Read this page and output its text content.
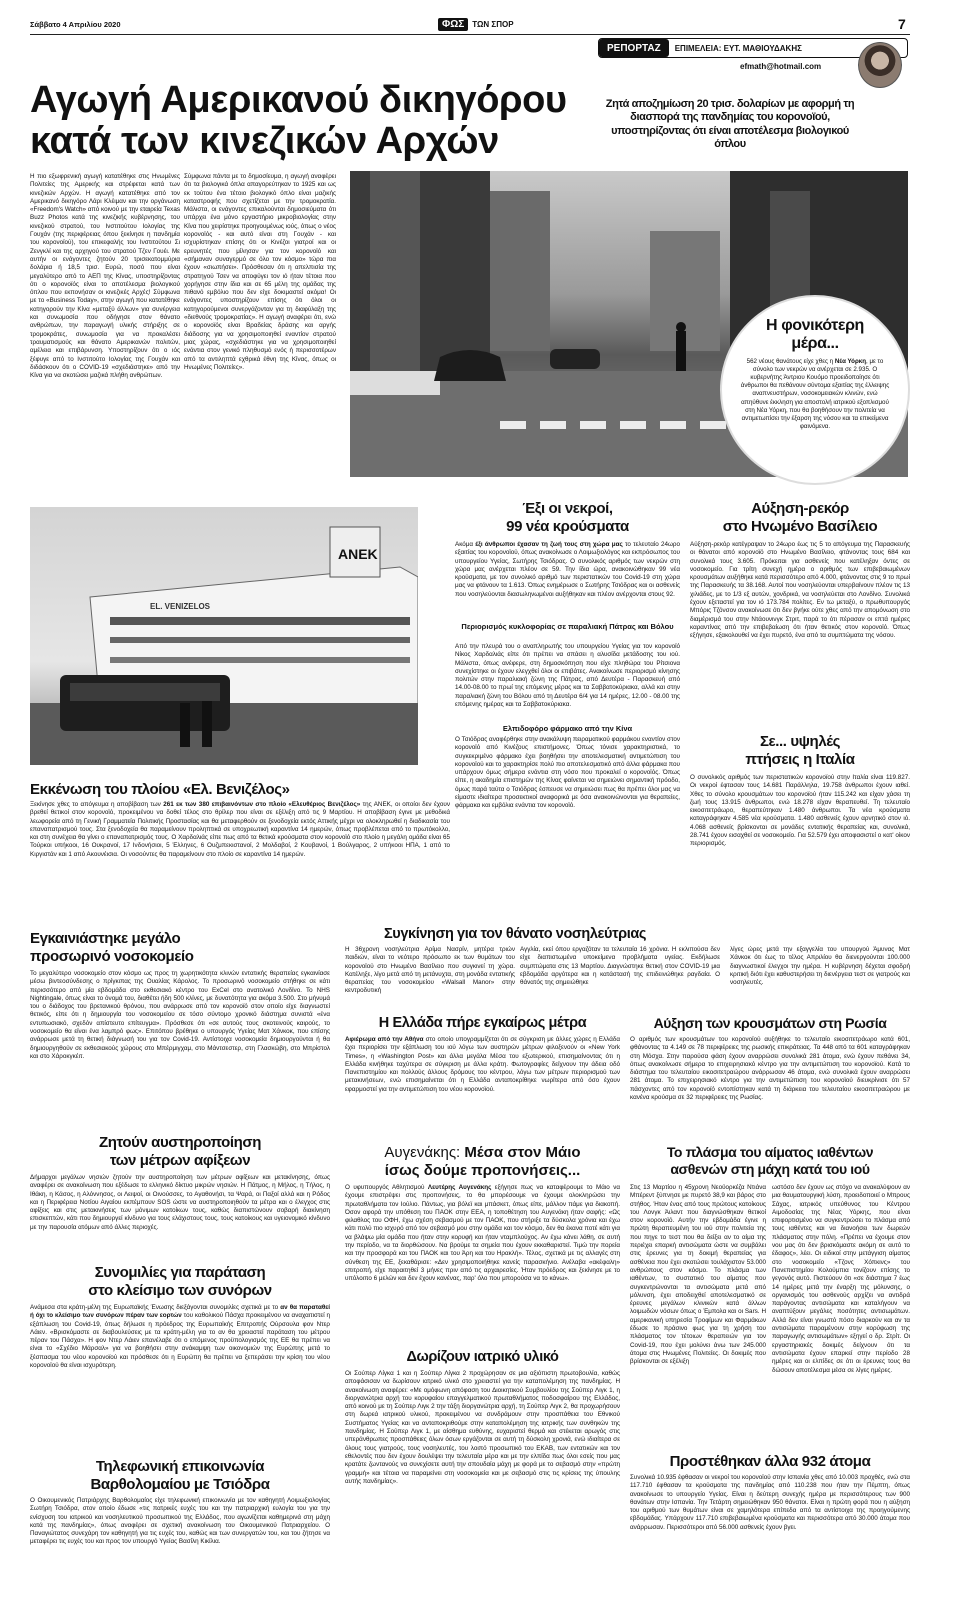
Σάββατο 4 Απριλίου 2020	ΦΩΣ	ΤΩΝ ΣΠΟΡ	7
ΡΕΠΟΡΤΑΖ	ΕΠΙΜΕΛΕΙΑ: ΕΥΤ. ΜΑΘΙΟΥΔΑΚΗΣ
efmath@hotmail.com
Αγωγή Αμερικανού δικηγόρου
κατά των κινεζικών Αρχών
Ζητά αποζημίωση 20 τρισ. δολαρίων με αφορμή τη διασπορά της πανδημίας του κορονοϊού, υποστηρίζοντας ότι είναι αποτέλεσμα βιολογικού όπλου
Η πιο εξωφρενική αγωγή κατατέθηκε στις Ηνωμένες Πολιτείες της Αμερικής και στρέφεται κατά των κινεζικών Αρχών. Η αγωγή κατατέθηκε από τον Αμερικανό δικηγόρο Λάρι Κλέιμαν και την οργάνωση «Freedom's Watch» από κοινού με την εταιρεία Texas Buzz Photos κατά της κινεζικής κυβέρνησης, του κινεζικού στρατού, του Ινστιτούτου Ιολογίας της Γουχάν (της περιφέρειας όπου ξεκίνησε η πανδημία του κορονοϊού), του επικεφαλής του Ινστιτούτου Σι Ζενγκλί και της αρχηγού του στρατού Τζεν Γουέι. Με αυτήν οι ενάγοντες ζητούν 20 τρισεκατομμύρια δολάρια ή 18,5 τρισ. Ευρώ, ποσό που είναι μεγαλύτερο από το ΑΕΠ της Κίνας, υποστηρίζοντας ότι ο κορονοϊός είναι το αποτέλεσμα βιολογικού όπλου που εκπονήσαν οι κινεζικές Αρχές! Σύμφωνα με το «Business Today», στην αγωγή που κατατέθηκε κατηγορούν την Κίνα «μεταξύ άλλων» για συνέργεια και συνωμοσία που οδήγησε στον θάνατο ανθρώπων, την παραγωγή υλικής στήριξης σε τρομοκράτες, συνωμοσία για να προκαλέσει τραυματισμούς και θάνατο Αμερικανών πολιτών, αμέλεια και επιβάρυνση. Υποστηρίζουν ότι ο ιός ξέφυγε από το Ινστιτούτο Ιολογίας της Γουχάν και διδάσκουν ότι ο COVID-19 «σχεδιάστηκε» από την Κίνα για να σκοτώσει μαζικά πλήθη ανθρώπων.
Σύμφωνα πάντα με το δημοσίευμα, η αγωγή αναφέρει ότι τα βιολογικά όπλα απαγορεύτηκαν το 1925 και ως εκ τούτου ένα τέτοιο βιολογικό όπλο είναι μαζικής καταστροφής που σχετίζεται με την τρομοκρατία. Μάλιστα, οι ενάγοντες επικαλούνται δημοσιεύματα ότι υπάρχει ένα μόνο εργαστήριο μικροβιολογίας στην Κίνα που χειρίστηκε προηγουμένως ιούς, όπως ο νέος κορονοϊός - και αυτό είναι στη Γουχάν - και ισχυρίστηκαν επίσης ότι οι Κινέζοι γιατροί και οι ερευνητές που μίλησαν για τον κορονοϊό και «σήμαναν συναγερμό σε όλο τον κόσμο» τώρα πια έχουν «σιωπήσει». Πρόσθεσαν ότι η απελπισία της στρατηγού Τσεν να αποφύγει τον ιό ήταν τέτοια που χορήγησε στην ίδια και σε 65 μέλη της ομάδας της πιθανό εμβόλιο που δεν είχε δοκιμαστεί ακόμα! Οι ενάγοντες υποστηρίζουν επίσης ότι όλοι οι κατηγορούμενοι συνεργάζονταν για τη διαφύλαξη της «διεθνούς τρομοκρατίας». Η αγωγή αναφέρει ότι, ενώ ο κορονοϊός είναι Βραδείας δράσης και αργής διάδοσης για να χρησιμοποιηθεί εναντίον στρατού μιας χώρας, «σχεδιάστηκε για να χρησιμοποιηθεί ενάντια στον γενικό πληθυσμό ενός ή περισσοτέρων από τα αντιληπτά εχθρικά έθνη της Κίνας, όπως οι Ηνωμένες Πολιτείες».
Η φονικότερη
μέρα...
562 νέους θανάτους είχε χθες η Νέα Υόρκη, με το σύνολο των νεκρών να ανέρχεται σε 2.935. Ο κυβερνήτης Άντριου Κουόμο προειδοποίησε ότι άνθρωποι θα πεθάνουν σύντομα εξαιτίας της έλλειψης αναπνευστήρων, νοσοκομειακών κλινών, ενώ απηύθυνε έκκληση για αποστολή ιατρικού εξοπλισμού στη Νέα Υόρκη, που θα βοηθήσουν την πολιτεία να αντιμετωπίσει την έξαρση της νόσου και τα επικείμενα φαινόμενα.
ANEK
EL. VENIZELOS
Εκκένωση του πλοίου «Ελ. Βενιζέλος»
Ξεκίνησε χθες το απόγευμα η αποβίβαση των 261 εκ των 380 επιβαινόντων στο πλοίο «Ελευθέριος Βενιζέλος» της ΑΝΕΚ, οι οποίοι δεν έχουν βρεθεί θετικοί στον κορονοϊό, προκειμένου να δοθεί τέλος στο θρίλερ που είναι σε εξέλιξη από τις 9 Μαρτίου. Η αποβίβαση έγινε με μεθοδικά λεωφορεία από τη Γενική Γραμματεία Πολιτικής Προστασίας και θα μεταφερθούν σε ξενοδοχεία εκτός Αττικής μέχρι να ολοκληρωθεί η διαδικασία του επαναπατρισμού τους. Στα ξενοδοχεία θα παραμείνουν προληπτικά σε υποχρεωτική καραντίνα 14 ημερών, όπως προβλέπεται από το πρωτόκολλο, και στη συνέχεια θα γίνει ο επαναπατρισμός τους. Ο Χαρδαλιάς είπε πως από τα θετικά κρούσματα στον κορονοϊό στο πλοίο η μεγάλη ομάδα είναι 65 Τούρκοι υπήκοοι, 16 Ουκρανοί, 17 Ινδονήσιοι, 5 Έλληνες, 6 Ουζμπεκιστανοί, 2 Μολδαβοί, 2 Κουβανοί, 1 Βούλγαρος, 2 υπήκοοι ΗΠΑ, 1 από το Κιργιστάν και 1 από Ακουνέισια. Οι νοσούντες θα παραμείνουν στο πλοίο σε καραντίνα 14 ημερών.
Έξι οι νεκροί,
99 νέα κρούσματα
Ακόμα έξι άνθρωποι έχασαν τη ζωή τους στη χώρα μας το τελευταίο 24ωρο εξαιτίας του κορονοϊού, όπως ανακοίνωσε ο Λοιμωξιολόγος και εκπρόσωπος του υπουργείου Υγείας, Σωτήρης Τσιόδρας. Ο συνολικός αριθμός των νεκρών στη χώρα μας ανέρχεται πλέον σε 59. Την ίδια ώρα, ανακοινώθηκαν 99 νέα κρούσματα, με τον συνολικό αριθμό των περιστατικών του Covid-19 στη χώρα μας να φτάνουν τα 1.613. Όπως ενημέρωσε ο Σωτήρης Τσιόδρας και οι ασθενείς που νοσηλεύονται διασωληνωμένοι αυξήθηκαν και πλέον ανέρχονται στους 92.
Περιορισμός κυκλοφορίας σε παραλιακή Πάτρας και Βόλου
Από την πλευρά του ο αναπληρωτής του υπουργείου Υγείας για τον κορονοϊό Νίκος Χαρδαλιάς είπε ότι πρέπει να σπάσει η αλυσίδα μετάδοσης του ιού. Μάλιστα, όπως ανέφερε, στη δημοσκόπηση που είχε πληθώρα του Ρίτσιονα συνεχίστηκε οι έχουν ελεγχθεί όλοι οι επιβάτες. Ανακοίνωσε περιορισμό κίνησης πολιτών στην παραλιακή ζώνη της Πάτρας, από Δευτέρα - Παρασκευή από 14.00-08.00 το πρωί της επόμενης μέρας και τα Σαββατοκύριακα, αλλά και στην παραλιακή ζώνη του Βόλου από τη Δευτέρα 6/4 για 14 ημέρες, 12.00 - 08.00 της επόμενης ημέρας και τα Σαββατοκύριακα.
Ελπιδοφόρο φάρμακο από την Κίνα
Ο Τσιόδρας αναφέρθηκε στην ανακάλυψη πειραματικού φαρμάκου εναντίον στον κορονοϊό από Κινέζους επιστήμονες. Όπως τόνισε χαρακτηριστικά, το συγκεκριμένο φάρμακο έχει βοηθήσει την αποτελεσματική αντιμετώπιση του κορονοϊού και το χαρακτηρίσε πολύ πιο αποτελεσματικό από άλλα φάρμακα που υπάρχουν όμως σήμερα ενάντια στη νόσο που προκαλεί ο κορονοϊός. Όπως είπε, η ακαδημία επιστημών της Κίνας φαίνεται να σημειώνει σημαντική πρόοδο, όμως παρά ταύτα ο Τσιόδρας έσπευσε να σημειώσει πως θα πρέπει όλοι μας να είμαστε ιδιαίτερα προσεκτικοί αναφορικά με όσα ανακοινώνονται για θεραπείες, φάρμακα και εμβόλια ενάντια τον κορονοϊό.
Αύξηση-ρεκόρ
στο Ηνωμένο Βασίλειο
Αύξηση-ρεκόρ κατέγραψαν το 24ωρο έως τις 5 το απόγευμα της Παρασκευής οι θάνατοι από κορονοϊό στο Ηνωμένο Βασίλειο, φτάνοντας τους 684 και συνολικά τους 3.605. Πρόκειται για ασθενείς που κατέληξαν όντες σε νοσοκομείο. Για τρίτη συνεχή ημέρα ο αριθμός των επιβεβαιωμένων κρουσμάτων αυξήθηκε κατά περισσότερο από 4.000, φτάνοντας στις 9 το πρωί της Παρασκευής τα 38.168. Αυτοί που νοσηλεύονται υπερβαίνουν πλέον τις 13 χιλιάδες, με το 1/3 εξ αυτών, χονδρικά, να νοσηλεύεται στο Λονδίνο. Συνολικά έχουν εξεταστεί για τον ιό 173.784 πολίτες. Εν τω μεταξύ, ο πρωθυπουργός Μπόρις Τζόνσον ανακοίνωσε ότι δεν βγήκε ούτε χθες από την απομόνωση στο διαμέρισμά του στην Ντάουνινγκ Στριτ, παρά το ότι πέρασαν οι επτά ημέρες καραντίνας από την επιβεβαίωση ότι ήταν θετικός στον κορονοϊό. Όπως εξήγησε, εξακολουθεί να έχει πυρετό, ένα από τα συμπτώματα της νόσου.
Σε... υψηλές
πτήσεις η Ιταλία
Ο συνολικός αριθμός των περιστατικών κορονοϊού στην Ιταλία είναι 119.827. Οι νεκροί έφτασαν τους 14.681 Παράλληλα, 19.758 άνθρωποι έχουν ιαθεί. Χθες το σύνολο κρουσμάτων του κορονοϊού ήταν 115.242 και είχαν χάσει τη ζωή τους 13.915 άνθρωποι, ενώ 18.278 είχαν θεραπευθεί. Τη τελευταίο εικοσιτετράωρο, θεραπεύτηκαν 1.480 άνθρωποι. Τα νέα κρούσματα καταγράφηκαν 4.585 νέα κρούσματα. 1.480 ασθενείς έχουν αρνητικό στον ιό. 4.068 ασθενείς βρίσκονται σε μονάδες εντατικής θεραπείας και, συνολικά, 28.741 έχουν εισαχθεί σε νοσοκομείο. Για 52.579 έχει αποφασιστεί ο κατ' οίκον περιορισμός.
Εγκαινιάστηκε μεγάλο
προσωρινό νοσοκομείο
Το μεγαλύτερο νοσοκομείο στον κόσμο ως προς τη χωρητικότητα κλινών εντατικής θεραπείας εγκαινίασε μέσω βιντεοσύνδεσης ο πρίγκιπας της Ουαλίας Κάρολος. Το προσωρινό νοσοκομείο στήθηκε σε κάτι περισσότερο από μία εβδομάδα στο εκθεσιακό κέντρο του ExCel στο ανατολικό Λονδίνο. Το NHS Nightingale, όπως είναι το όνομά του, διαθέτει ήδη 500 κλίνες, με δυνατότητα για ακόμα 3.500. Στο μήνυμά του ο διάδοχος του βρετανικού θρόνου, που ανάρρωσε από τον κορονοϊό στον οποίο είχε διαγνωστεί θετικός, είπε ότι η δημιουργία του νοσοκομείου σε τόσο σύντομο χρονικό διάστημα συνιστά «ένα εντυπωσιακό, σχεδόν απίστευτο επίτευγμα». Πρόσθεσε ότι «σε αυτούς τους σκοτεινούς καιρούς, το νοσοκομείο θα είναι ένα λαμπρό φως». Επιτόπου βρέθηκε ο υπουργός Υγείας Ματ Χάνκοκ, που επίσης ανάρρωσε μετά τη θετική διάγνωσή του για τον Covid-19. Αντίστοιχα νοσοκομεία δημιουργούνται ή θα δημιουργηθούν σε εκθεσιακούς χώρους στο Μπέρμιγχαμ, στο Μάντσεστερ, στη Γλασκώβη, στο Μπρίστολ και στο Χάροκγκέιτ.
Ζητούν αυστηροποίηση
των μέτρων αφίξεων
Δήμαρχοι μεγάλων νησιών ζητούν την αυστηροποίηση των μέτρων αφίξεων και μετακίνησης, όπως αναφέρει σε ανακοίνωση που εξέδωσε το ελληνικό δίκτυο μικρών νησιών. Η Πάτμος, η Μήλος, η Τήλος, η Ιθάκη, η Κάσος, η Αλόννησος, οι Λειψοί, οι Οινούσσες, το Αγαθονήσι, τα Ψαρά, οι Παξοί αλλά και η Ρόδος και η Περιφέρεια Νοτίου Αιγαίου εκπέμπουν SOS ώστε να αυστηροποιηθούν τα μέτρα και ο έλεγχος στις αφίξεις και στις μετακινήσεις των μόνιμων κατοίκων τους, καθώς διαπιστώνουν σοβαρή διακίνηση επισκεπτών, κάτι που δημιουργεί κίνδυνο για τους ελάχιστους τους, τους κατοίκους και υγειονομικό κίνδυνο με την παρουσία ατόμων από άλλες περιοχές.
Συνομιλίες για παράταση
στο κλείσιμο των συνόρων
Ανάμεσα στα κράτη-μέλη της Ευρωπαϊκής Ένωσης διεξάγονται συνομιλίες σχετικά με το αν θα παραταθεί ή όχι το κλείσιμο των συνόρων πέραν των εορτών του καθολικού Πάσχα προκειμένου να αναχαιτιστεί η εξάπλωση του Covid-19, όπως δήλωσε η πρόεδρος της Ευρωπαϊκής Επιτροπής Ούρσουλα φον Ντερ Λάιεν. «Βρισκόμαστε σε διαβουλεύσεις με τα κράτη-μέλη για το αν θα χρειαστεί παράταση του μέτρου πέραν του Πάσχα». Η φον Ντερ Λάιεν επανέλαβε ότι ο επόμενος προϋπολογισμός της ΕΕ θα πρέπει να είναι το «Σχέδιο Μάρσαλ» για να βοηθήσει στην ανάκαμψη των οικονομιών της Ευρώπης μετά το ξέσπασμα του νέου κορονοϊού και πρόσθεσε ότι η Ευρώπη θα πρέπει να ξεπεράσει την κρίση του νέου κορονοϊού θα είναι ισχυρότερη.
Τηλεφωνική επικοινωνία
Βαρθολομαίου με Τσιόδρα
Ο Οικουμενικός Πατριάρχης Βαρθολομαίος είχε τηλεφωνική επικοινωνία με τον καθηγητή Λοιμωξιολογίας Σωτήρη Τσιόδρα, στον οποίο έδωσε «τις πατρικές ευχές του και την πατριαρχική ευλογία του για την ενίσχυση του ιατρικού και νοσηλευτικού προσωπικού της Ελλάδος, που αγωνίζεται καθημερινά στη μάχη κατά της πανδημίας», όπως αναφέρει σε σχετική ανακοίνωση του Οικουμενικού Πατριαρχείου. Ο Παναγιώτατος συνεχάρη τον καθηγητή για τις ευχές του, καθώς και των συνεργατών του, και του ζήτησε να μεταφέρει τις ευχές του και προς τον υπουργό Υγείας Βασίλη Κικίλια.
Συγκίνηση για τον θάνατο νοσηλεύτριας
Η 36χρονη νοσηλεύτρια Αρίμα Νασρίν, μητέρα τριών παιδιών, είναι το νεότερο πρόσωπο εκ των θυμάτων του κορονοϊού στο Ηνωμένο Βασίλειο που συγκινεί τη χώρα. Κατέληξε, λίγο μετά από τη μετάνυχτα, στη μονάδα εντατικής θεραπείας του νοσοκομείου «Walsall Manor» στην κεντροδυτική
Αγγλία, εκεί όπου εργαζόταν τα τελευταία 16 χρόνια. Η εκλιπούσα δεν είχε διαπιστωμένα υποκείμενα προβλήματα υγείας. Εκδήλωσε συμπτώματα στις 13 Μαρτίου. Διαγνώστηκε θετική στον COVID-19 μια εβδομάδα αργότερα και η κατάστασή της επιδεινώθηκε ραγδαία. Ο θάνατός της σημειώθηκε
λίγες ώρες μετά την εξαγγελία του υπουργού Άμυνας Ματ Χάνκοκ ότι έως το τέλος Απριλίου θα διενεργούνται 100.000 διαγνωστικοί έλεγχοι την ημέρα. Η κυβέρνηση δέχεται σφοδρή κριτική διότι έχει καθυστερήσει τη διενέργεια τεστ σε γιατρούς και νοσηλευτές.
Η Ελλάδα πήρε εγκαίρως μέτρα
Αφιέρωμα από την Αθήνα στο οποίο υπογραμμίζεται ότι σε σύγκριση με άλλες χώρες η Ελλάδα έχει περιορίσει την εξάπλωση του ιού λόγω των αυστηρών μέτρων φιλοξενούν οι «New York Times», η «Washington Post» και άλλα μεγάλα Μέσα του εξωτερικού, επισημαίνοντας ότι η Ελλάδα κινήθηκε ταχύτερα σε σύγκριση με άλλα κράτη. Φωτογραφίες δείχνουν την άδεια οδό Πανεπιστημίου και πολλούς άλλους δρόμους του κέντρου, λόγω των μέτρων περιορισμού των μετακινήσεων, ενώ επισημαίνεται ότι η Ελλάδα ανταποκρίθηκε νωρίτερα από όσο έχουν εφαρμοστεί για την αντιμετώπιση του νέου κορονοϊού.
Αύξηση των κρουσμάτων στη Ρωσία
Ο αριθμός των κρουσμάτων του κορονοϊού αυξήθηκε το τελευταίο εικοσιτετράωρο κατά 601, φθάνοντας τα 4.149 σε 78 περιφέρειες της ρωσικής επικράτειας. Τα 448 από τα 601 καταγράφηκαν στη Μόσχα. Στην παρούσα φάση έχουν αναρρώσει συνολικά 281 άτομα, ενώ έχουν πεθάνει 34, όπως ανακοίνωσε σήμερα το επιχειρησιακό κέντρο για την αντιμετώπιση του κορονοϊού. Κατά το διάστημα του τελευταίου εικοσιτετραώρου ανάρρωσαν 46 άτομα, ενώ συνολικά έχουν αναρρώσει 281 άτομα. Το επιχειρησιακό κέντρο για την αντιμετώπιση του κορονοϊού διευκρίνισε ότι 57 πάσχοντες από τον κορονοϊό εντοπίστηκαν κατά τη διάρκεια του τελευταίου εικοσιτετραώρου με κανένα κρούσμα σε 32 περιφέρειες της Ρωσίας.
Αυγενάκης: Μέσα στον Μάιο
ίσως δούμε προπονήσεις...
Ο υφυπουργός Αθλητισμού Λευτέρης Αυγενάκης εξήγησε πως να καταφέρουμε το Μάιο να έχουμε επιστρέψει στις προπονήσεις, το θα μπορέσουμε να έχουμε ολοκληρώσει την πρωταθλήματα τον Ιούλιο. Πάντως, για βόλεϊ και μπάσκετ, όπως είπε, μάλλον πάμε για διακοπή. Όσον αφορά την υπόθεση του ΠΑΟΚ στην ΕΕΑ, η τοποθέτηση του Αυγενάκη ήταν σαφής: «Ως φιλαθλος του ΟΦΗ, έχω σχέση σεβασμού με τον ΠΑΟΚ, που στήριξε τα δύσκολα χρόνια και έχω κάτι πολύ πιο ισχυρό από τον σεβασμό μου στην ομάδα και τον κόσμο, δεν θα έκανα ποτέ κάτι για να βλάψω μία ομάδα που ήταν στην κορυφή και ήταν νταμπλούχος. Αν έχω κάνει λάθη, σε αυτή την περίοδο, να τα διορθώσουν. Να βρούμε τα σημεία που έχουν εκκαθαριστεί. Τιμώ την πορεία και την προσφορά και του ΠΑΟΚ και του Άρη και του Ηρακλή». Τέλος, σχετικά με τις αλλαγές στη σύνθεση της ΕΕ, ξεκαθάρισε: «Δεν χρησιμοποιήθηκε κανείς παρασκήνιο. Ανέλαβα «ακέφαλη» επιτροπή, είχε παραιτηθεί 3 μήνες πριν από τις αρχαιρεσίες. Ήταν πρόεδρος και ξεκίνησε με το υπόλοιπο 6 μελών και δεν έχουν κανένας, παρ' όλο που μπορούσα να το κάνω».
Δωρίζουν ιατρικό υλικό
Οι Σούπερ Λίγκα 1 και η Σούπερ Λίγκα 2 προχώρησαν σε μια αξιόπιστη πρωτοβουλία, καθώς αποφάσισαν να δωρίσουν ιατρικό υλικό στο χρειαστεί για την καταπολέμηση της πανδημίας. Η ανακοίνωση αναφέρει: «Με ομόφωνη απόφαση του Διοικητικού Συμβουλίου της Σούπερ Λιγκ 1, η διοργανώτρια αρχή του κορυφαίου επαγγελματικού πρωταθλήματος ποδοσφαίρου της Ελλάδος, από κοινού με τη Σούπερ Λιγκ 2 την τάξη διοργανώτρια αρχή, τη Σούπερ Λιγκ 2, θα προχωρήσουν στη δωρεά ιατρικού υλικού, προκειμένου να συνδράμουν στην προσπάθεια του Εθνικού Συστήματος Υγείας και να ανταποκριθούμε στην καταπολέμηση της ιατρικής των συνθηκών της πανδημίας. Η Σούπερ Λιγκ 1, με αίσθημα ευθύνης, ευχαριστεί θερμά και στέκεται αρωγός στις υπεράνθρωπες προσπάθειες όλων όσων εργάζονται σε αυτή τη δύσκολη χρονιά, ενώ ιδιαίτερα σε όλους τους γιατρούς, τους νοσηλευτές, του λοιπό προσωπικό του ΕΚΑΒ, των εντατικών και τον εθελοντές που δεν έχουν δουλέψει την τελευταία μέρα και με την ελπίδα πως όλοι εσείς που μας κρατάτε ζωντανούς να συνεχίσετε αυτή την σπουδαία μάχη με φορά με το σεβασμό στην «πρώτη γραμμή» και τέτοια να παραμείνει στη νοσοκομεία και με σεβασμό στις τις κρίσεις της ύπουλης αυτής πανδημίας».
Το πλάσμα του αίματος ιαθέντων
ασθενών στη μάχη κατά του ιού
Στις 13 Μαρτίου η 45χρονη Νεοϋορκέζα Ντιάνα Μπέρεντ ξύπνησε με πυρετό 38,9 και βάρος στο στήθος. Ήταν ένας από τους πρώτους κατοίκους του Λονγκ Άιλαντ που διαγνώσθηκαν θετικοί στον κορονοϊό. Αυτήν την εβδομάδα έγινε η πρώτη θεραπευμένη του ιού στην πολιτεία της που πηγε το τεστ που θα δείξει αν το αίμα της περιέχει επαρκή αντισώματα ώστε να συμβάλει στις έρευνες για τη δοκιμή θεραπείας για ασθένεια που έχει σκοτώσει τουλάχιστον 53.000 ανθρώπους στον κόσμο. Το πλάσμα των ιαθέντων, το συστατικό του αίματος που συγκεντρώνονται τα αντισώματα μετά από μόλυνση, έχει αποδειχθεί αποτελεσματικό σε έρευνες μεγάλων κλινικών κατά άλλων λοιμωδών νόσων όπως ο Έμπολα και οι Sars. Η αμερικανική υπηρεσία Τροφίμων και Φαρμάκων έδωσε το πράσινο φως για τη χρήση του πλάσματος τον τέτοιων θεραπειών για τον Covid-19, που έχει μολύνει άνω των 245.000 άτομα στις Ηνωμένες Πολιτείες. Οι δοκιμές που βρίσκονται σε εξέλιξη
ωστόσο δεν έχουν ως στόχο να ανακαλύψουν αν μια θαυματουργική λύση, προειδοποιεί ο Μπρους Σάχας, ιατρικός υπεύθυνος του Κέντρου Αιμοδοσίας της Νέας Υόρκης, που είναι επιφορτισμένο να συγκεντρώσει το πλάσμα από τους ιαθέντες και να διανοήσει των δωρεών πλάσματος στην πόλη. «Πρέπει να έχουμε στον νου μας ότι δεν βρισκόμαστε ακόμη σε αυτό το έδαφος», λέει. Οι ειδικοί στην μετάγγιση αίματος στο νοσοκομείο «Τζονς Χόπκινς» του Πανεπιστημίου Κολούμπια τονίζουν επίσης το γεγονός αυτό. Πιστεύουν ότι «σε διάστημα 7 έως 14 ημέρες μετά την έναρξη της μόλυνσης, ο οργανισμός του ασθενούς αρχίζει να αντιδρά παράγοντας αντισώματα και καταλήγουν να αναπτύξουν μεγάλες ποσότητες αντισωμάτων. Αλλά δεν είναι γνωστό πόσο διαρκούν και αν τα αντισώματα παραμένουν στην κορύφωση της παραγωγής αντισωμάτων» εξηγεί ο δρ. Στρίτ. Οι εργαστηριακές δοκιμές δείχνουν ότι τα αντισώματα έχουν επαρκεί στην περίοδο 28 ημέρες και οι ελπίδες σε ότι οι έρευνες τους θα δώσουν αποτέλεσμα μέσα σε λίγες ημέρες.
Προστέθηκαν άλλα 932 άτομα
Συνολικά 10.935 έφθασαν οι νεκροί του κορονοϊού στην Ισπανία χθες από 10.003 προχθές, ενώ στα 117.710 έφθασαν τα κρούσματα της πανδημίας από 110.238 που ήταν την Πέμπτη, όπως ανακοίνωσε το υπουργείο Υγείας. Είναι η δεύτερη συνεχής ημέρα με περισσότερους των 900 θανάτων στην Ισπανία. Την Τετάρτη σημειώθηκαν 950 θάνατοι. Είναι η πρώτη φορά που η αύξηση του αριθμού των θυμάτων είναι σε χαμηλότερα επίπεδα από τα αντίστοιχα της προηγούμενης εβδομάδας. Υπάρχουν 117.710 επιβεβαιωμένα κρούσματα και περισσότερα από 30.000 άτομα που ανάρρωσαν. Περισσότεροι από 56.000 ασθενείς έχουν βγει.
